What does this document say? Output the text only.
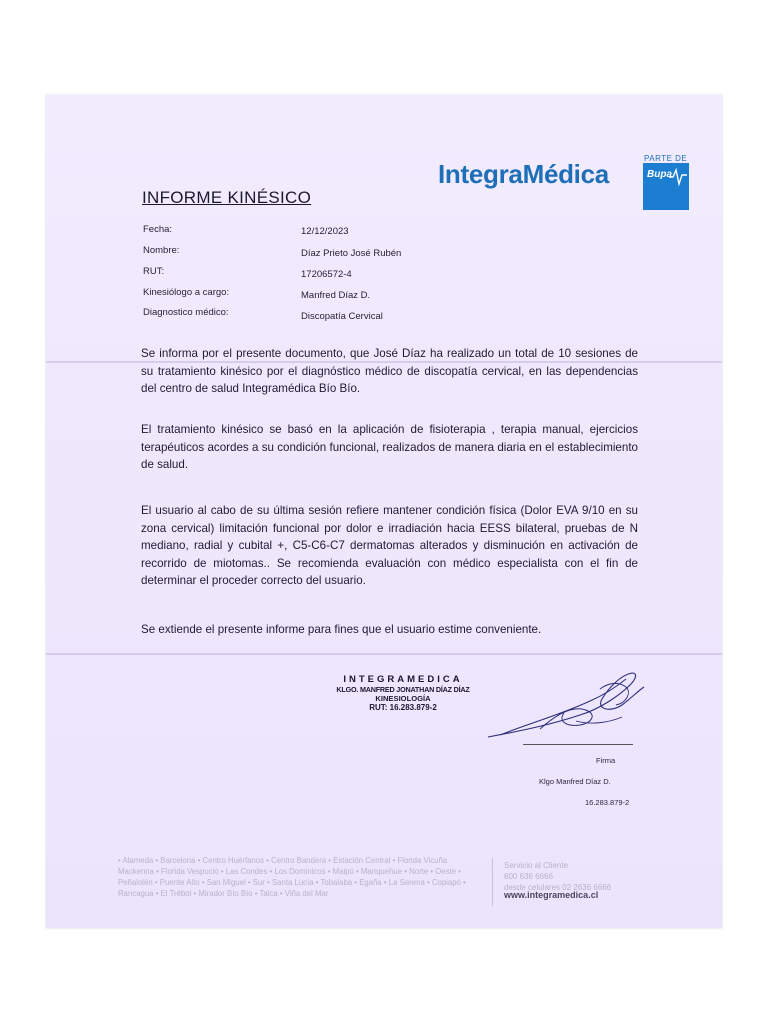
IntegraMédica
PARTE DE
Bupa
INFORME KINÉSICO
Fecha:	12/12/2023
Nombre:	Díaz Prieto José Rubén
RUT:	17206572-4
Kinesiólogo a cargo:	Manfred Díaz D.
Diagnostico médico:	Discopatía Cervical
Se informa por el presente documento, que José Díaz ha realizado un total de 10 sesiones de su tratamiento kinésico por el diagnóstico médico de discopatía cervical, en las dependencias del centro de salud Integramédica Bío Bío.
El tratamiento kinésico se basó en la aplicación de fisioterapia , terapia manual, ejercicios terapéuticos acordes a su condición funcional, realizados de manera diaria en el establecimiento de salud.
El usuario al cabo de su última sesión refiere mantener condición física (Dolor EVA 9/10 en su zona cervical) limitación funcional por dolor e irradiación hacia EESS bilateral, pruebas de N mediano, radial y cubital +, C5-C6-C7 dermatomas alterados y disminución en activación de recorrido de miotomas.. Se recomienda evaluación con médico especialista con el fin de determinar el proceder correcto del usuario.
Se extiende el presente informe para fines que el usuario estime conveniente.
INTEGRAMEDICA
KLGO. MANFRED JONATHAN DÍAZ DÍAZ
KINESIOLOGÍA
RUT: 16.283.879-2
Firma
Klgo Manfred Díaz D.
16.283.879-2
• Alameda • Barcelona • Centro Huérfanos • Centro Bandera • Estación Central • Florida Vicuña Mackenna • Florida Vespucio • Las Condes • Los Dominicos • Maipú • Manquehue • Norte • Oeste • Peñalolén • Puente Alto • San Miguel • Sur • Santa Lucía • Tobalaba • Egaña • La Serena • Copiapó • Rancagua • El Trébol • Mirador Bío Bío • Talca • Viña del Mar
Servicio al Cliente
600 636 6666
desde celulares 02 2636 6666
www.integramedica.cl
